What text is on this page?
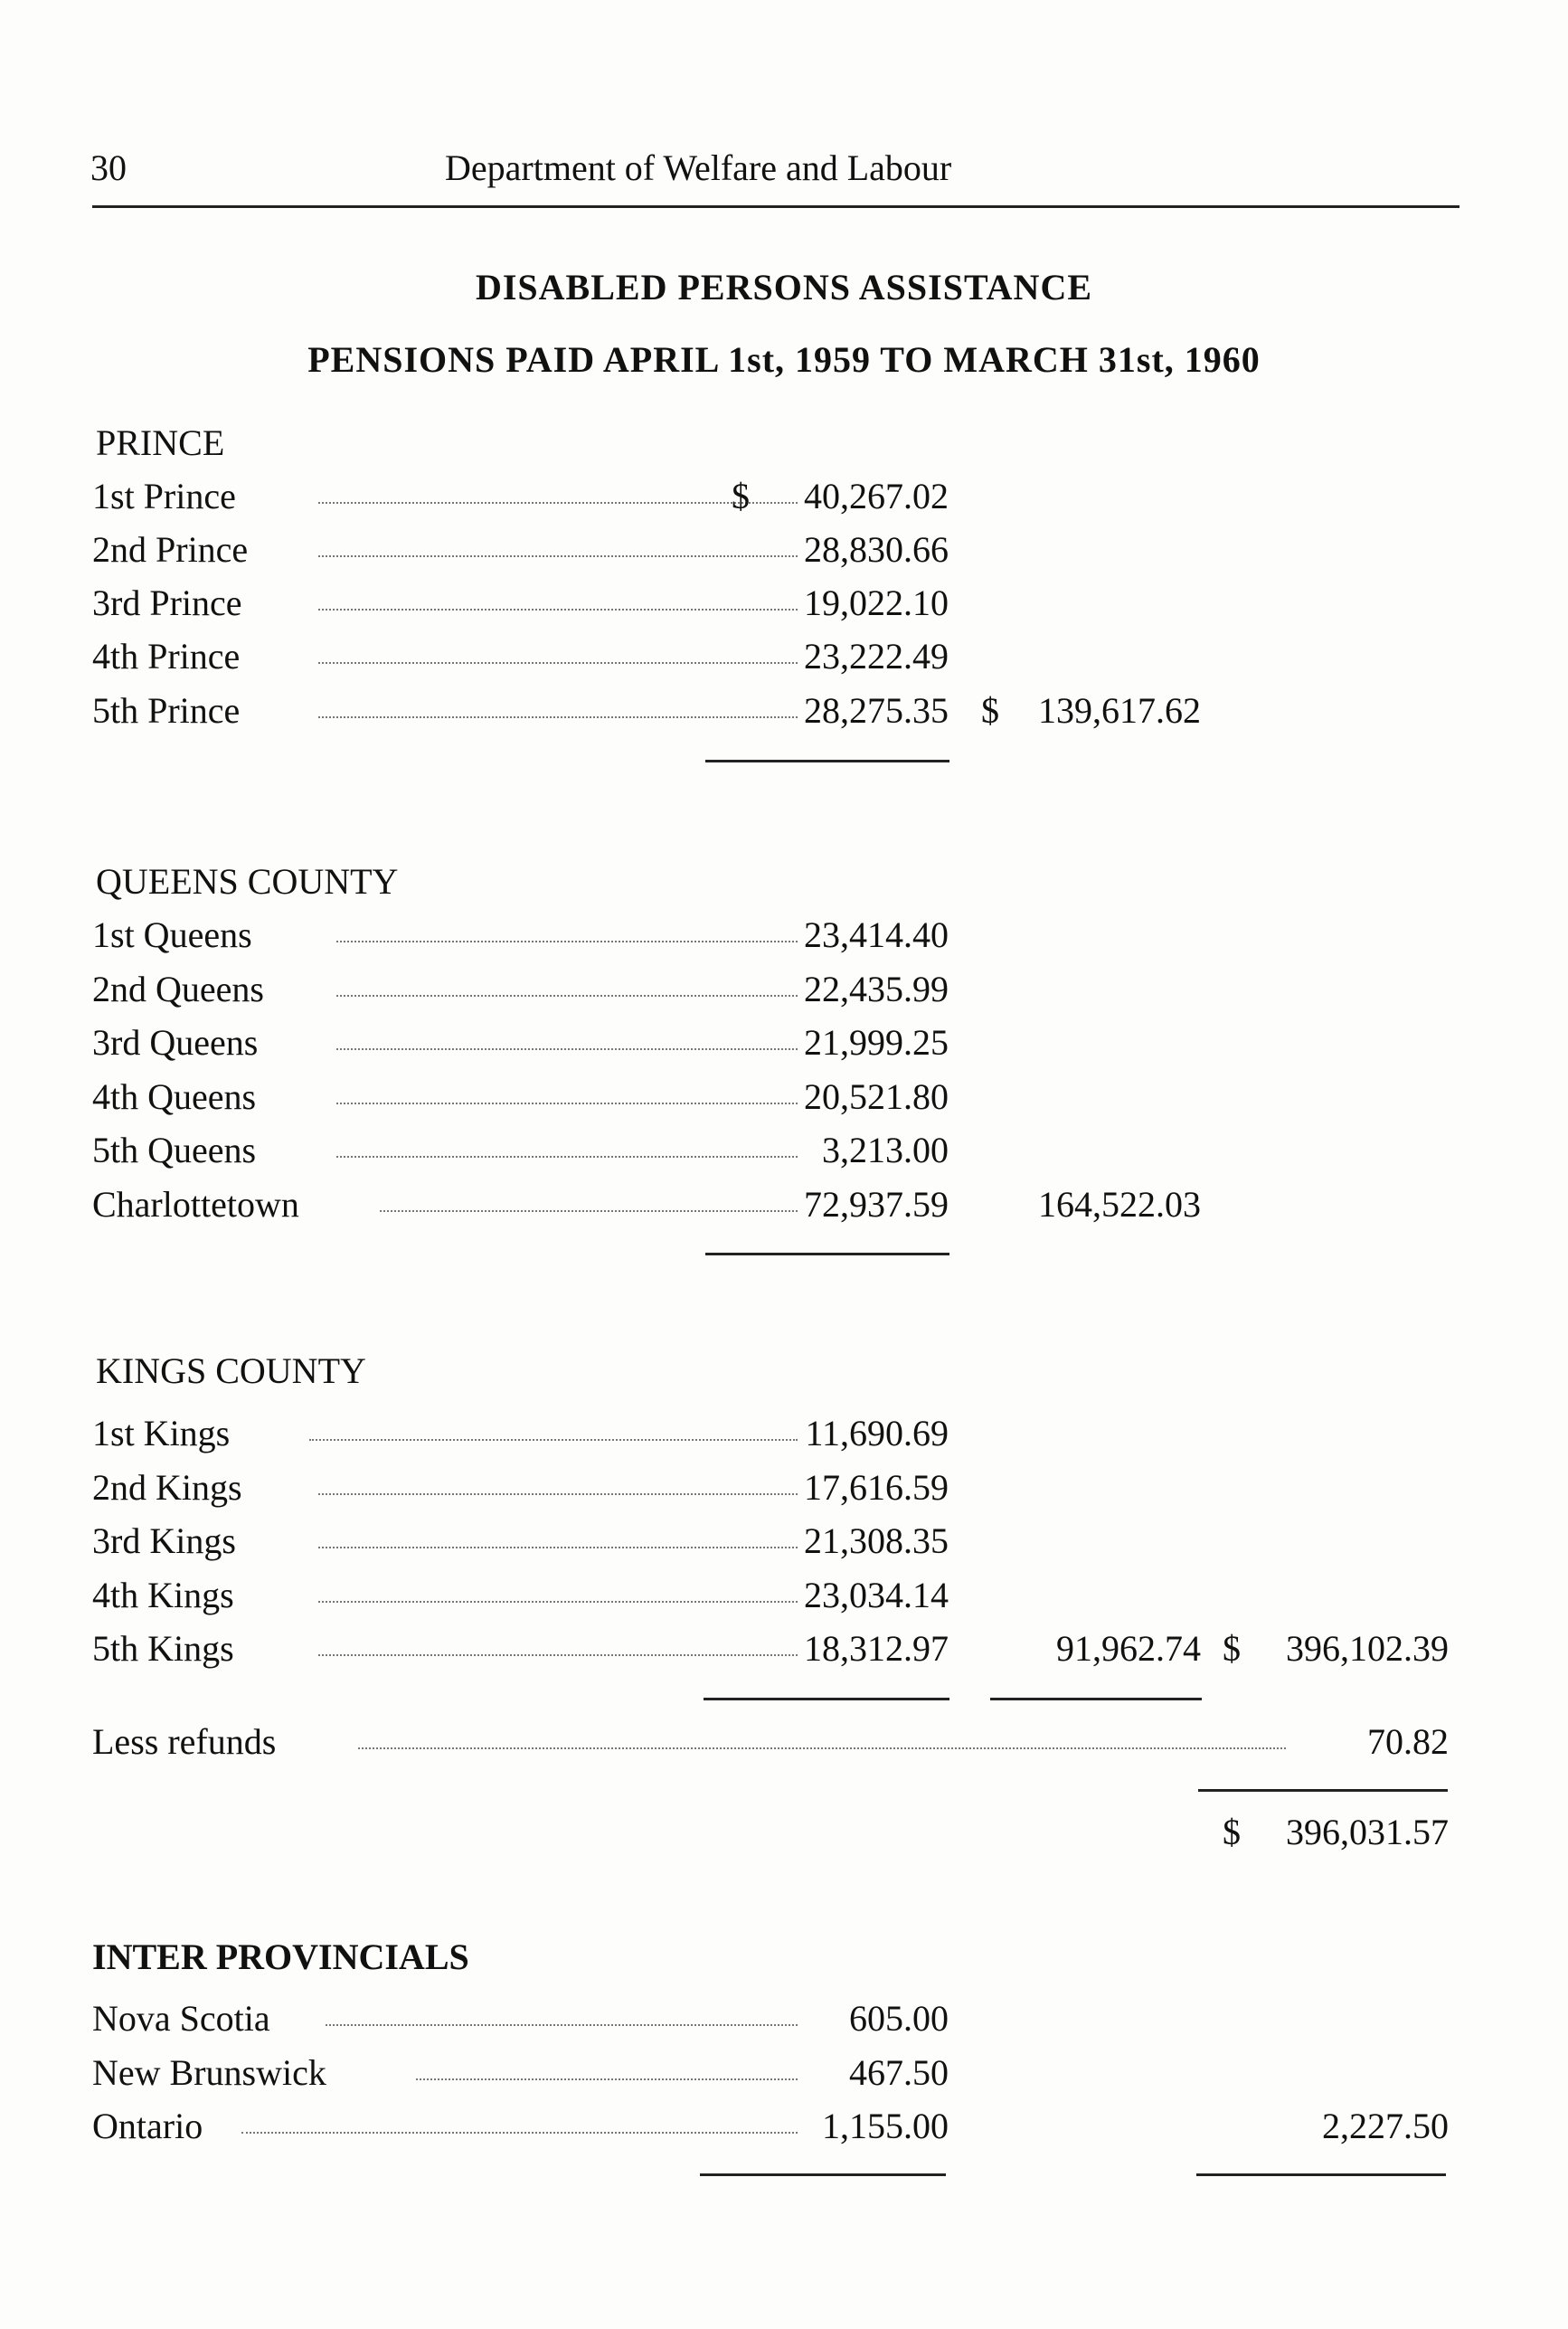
30	Department of Welfare and Labour
DISABLED PERSONS ASSISTANCE
PENSIONS PAID APRIL 1st, 1959 TO MARCH 31st, 1960
PRINCE
1st Prince	$ 40,267.02
2nd Prince	28,830.66
3rd Prince	19,022.10
4th Prince	23,222.49
5th Prince	28,275.35 $ 139,617.62
QUEENS COUNTY
1st Queens	23,414.40
2nd Queens	22,435.99
3rd Queens	21,999.25
4th Queens	20,521.80
5th Queens	3,213.00
Charlottetown	72,937.59 164,522.03
KINGS COUNTY
1st Kings	11,690.69
2nd Kings	17,616.59
3rd Kings	21,308.35
4th Kings	23,034.14
5th Kings	18,312.97	91,962.74 $ 396,102.39
Less refunds	70.82
$ 396,031.57
INTER PROVINCIALS
Nova Scotia	605.00
New Brunswick	467.50
Ontario	1,155.00	2,227.50
